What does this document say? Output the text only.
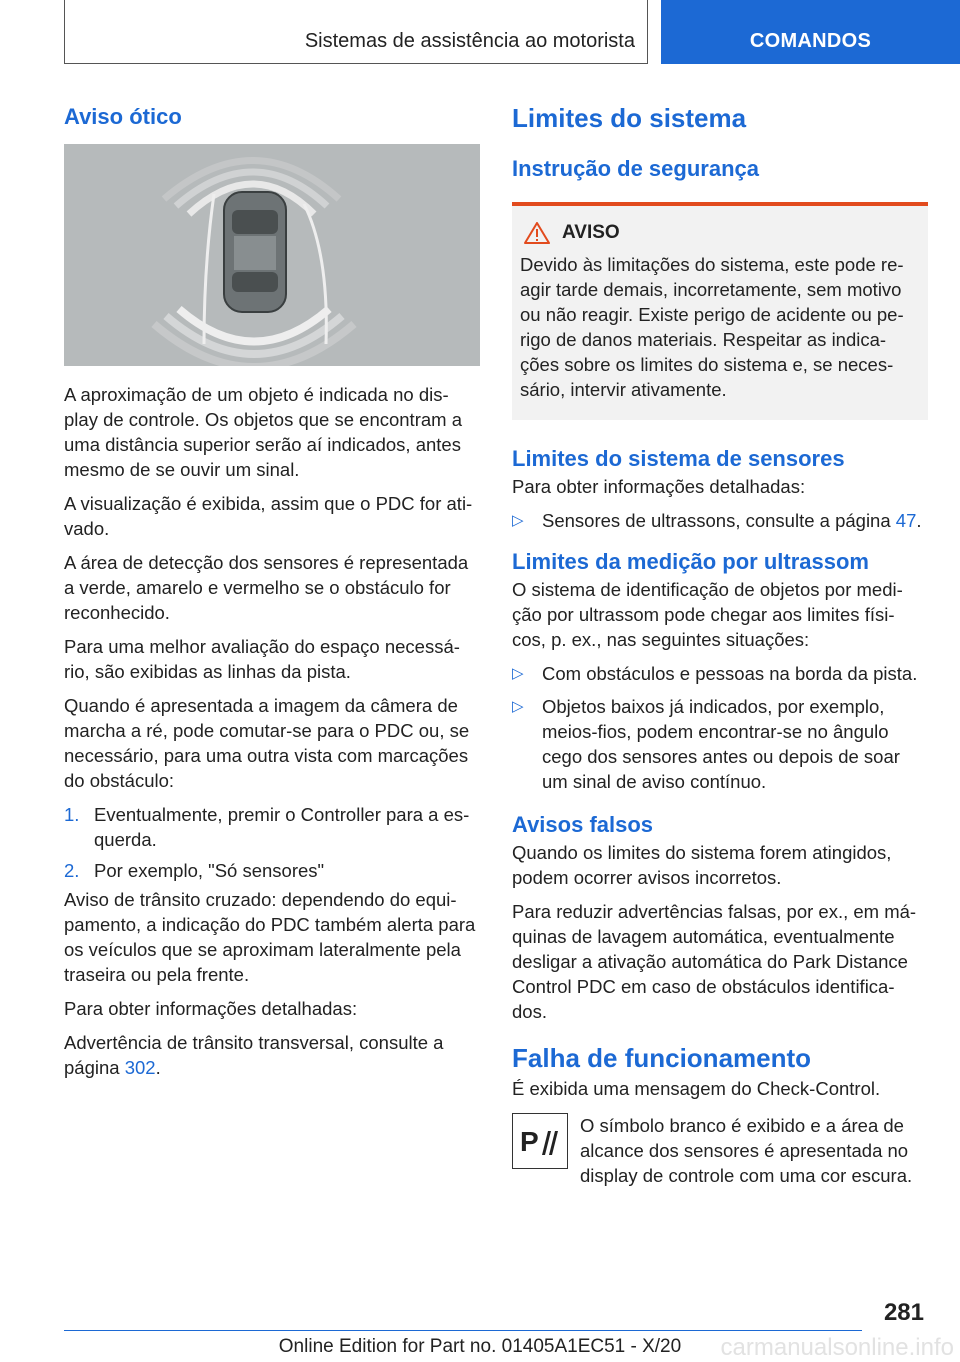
Sistemas de assistência ao motorista	COMANDOS
Aviso ótico

A aproximação de um objeto é indicada no dis-play de controle. Os objetos que se encontram a uma distância superior serão aí indicados, antes mesmo de se ouvir um sinal.

A visualização é exibida, assim que o PDC for ati-vado.

A área de detecção dos sensores é representada a verde, amarelo e vermelho se o obstáculo for reconhecido.

Para uma melhor avaliação do espaço necessá-rio, são exibidas as linhas da pista.

Quando é apresentada a imagem da câmera de marcha a ré, pode comutar-se para o PDC ou, se necessário, para uma outra vista com marcações do obstáculo:

1. Eventualmente, premir o Controller para a es-querda.
2. Por exemplo, "Só sensores"

Aviso de trânsito cruzado: dependendo do equi-pamento, a indicação do PDC também alerta para os veículos que se aproximam lateralmente pela traseira ou pela frente.

Para obter informações detalhadas:

Advertência de trânsito transversal, consulte a página 302.

Limites do sistema
Instrução de segurança
AVISO

Devido às limitações do sistema, este pode re-agir tarde demais, incorretamente, sem motivo ou não reagir. Existe perigo de acidente ou pe-rigo de danos materiais. Respeitar as indica-ções sobre os limites do sistema e, se neces-sário, intervir ativamente.

Limites do sistema de sensores

Para obter informações detalhadas:

▷ Sensores de ultrassons, consulte a página 47.
Limites da medição por ultrassom

O sistema de identificação de objetos por medi-ção por ultrassom pode chegar aos limites físi-cos, p. ex., nas seguintes situações:

▷ Com obstáculos e pessoas na borda da pista.
▷ Objetos baixos já indicados, por exemplo, meios-fios, podem encontrar-se no ângulo cego dos sensores antes ou depois de soar um sinal de aviso contínuo.
Avisos falsos

Quando os limites do sistema forem atingidos, podem ocorrer avisos incorretos.

Para reduzir advertências falsas, por ex., em má-quinas de lavagem automática, eventualmente desligar a ativação automática do Park Distance Control PDC em caso de obstáculos identifica-dos.

Falha de funcionamento

É exibida uma mensagem do Check-Control.

P

O símbolo branco é exibido e a área de alcance dos sensores é apresentada no display de controle com uma cor escura.

281
Online Edition for Part no. 01405A1EC51 - X/20	carmanualsonline.info
